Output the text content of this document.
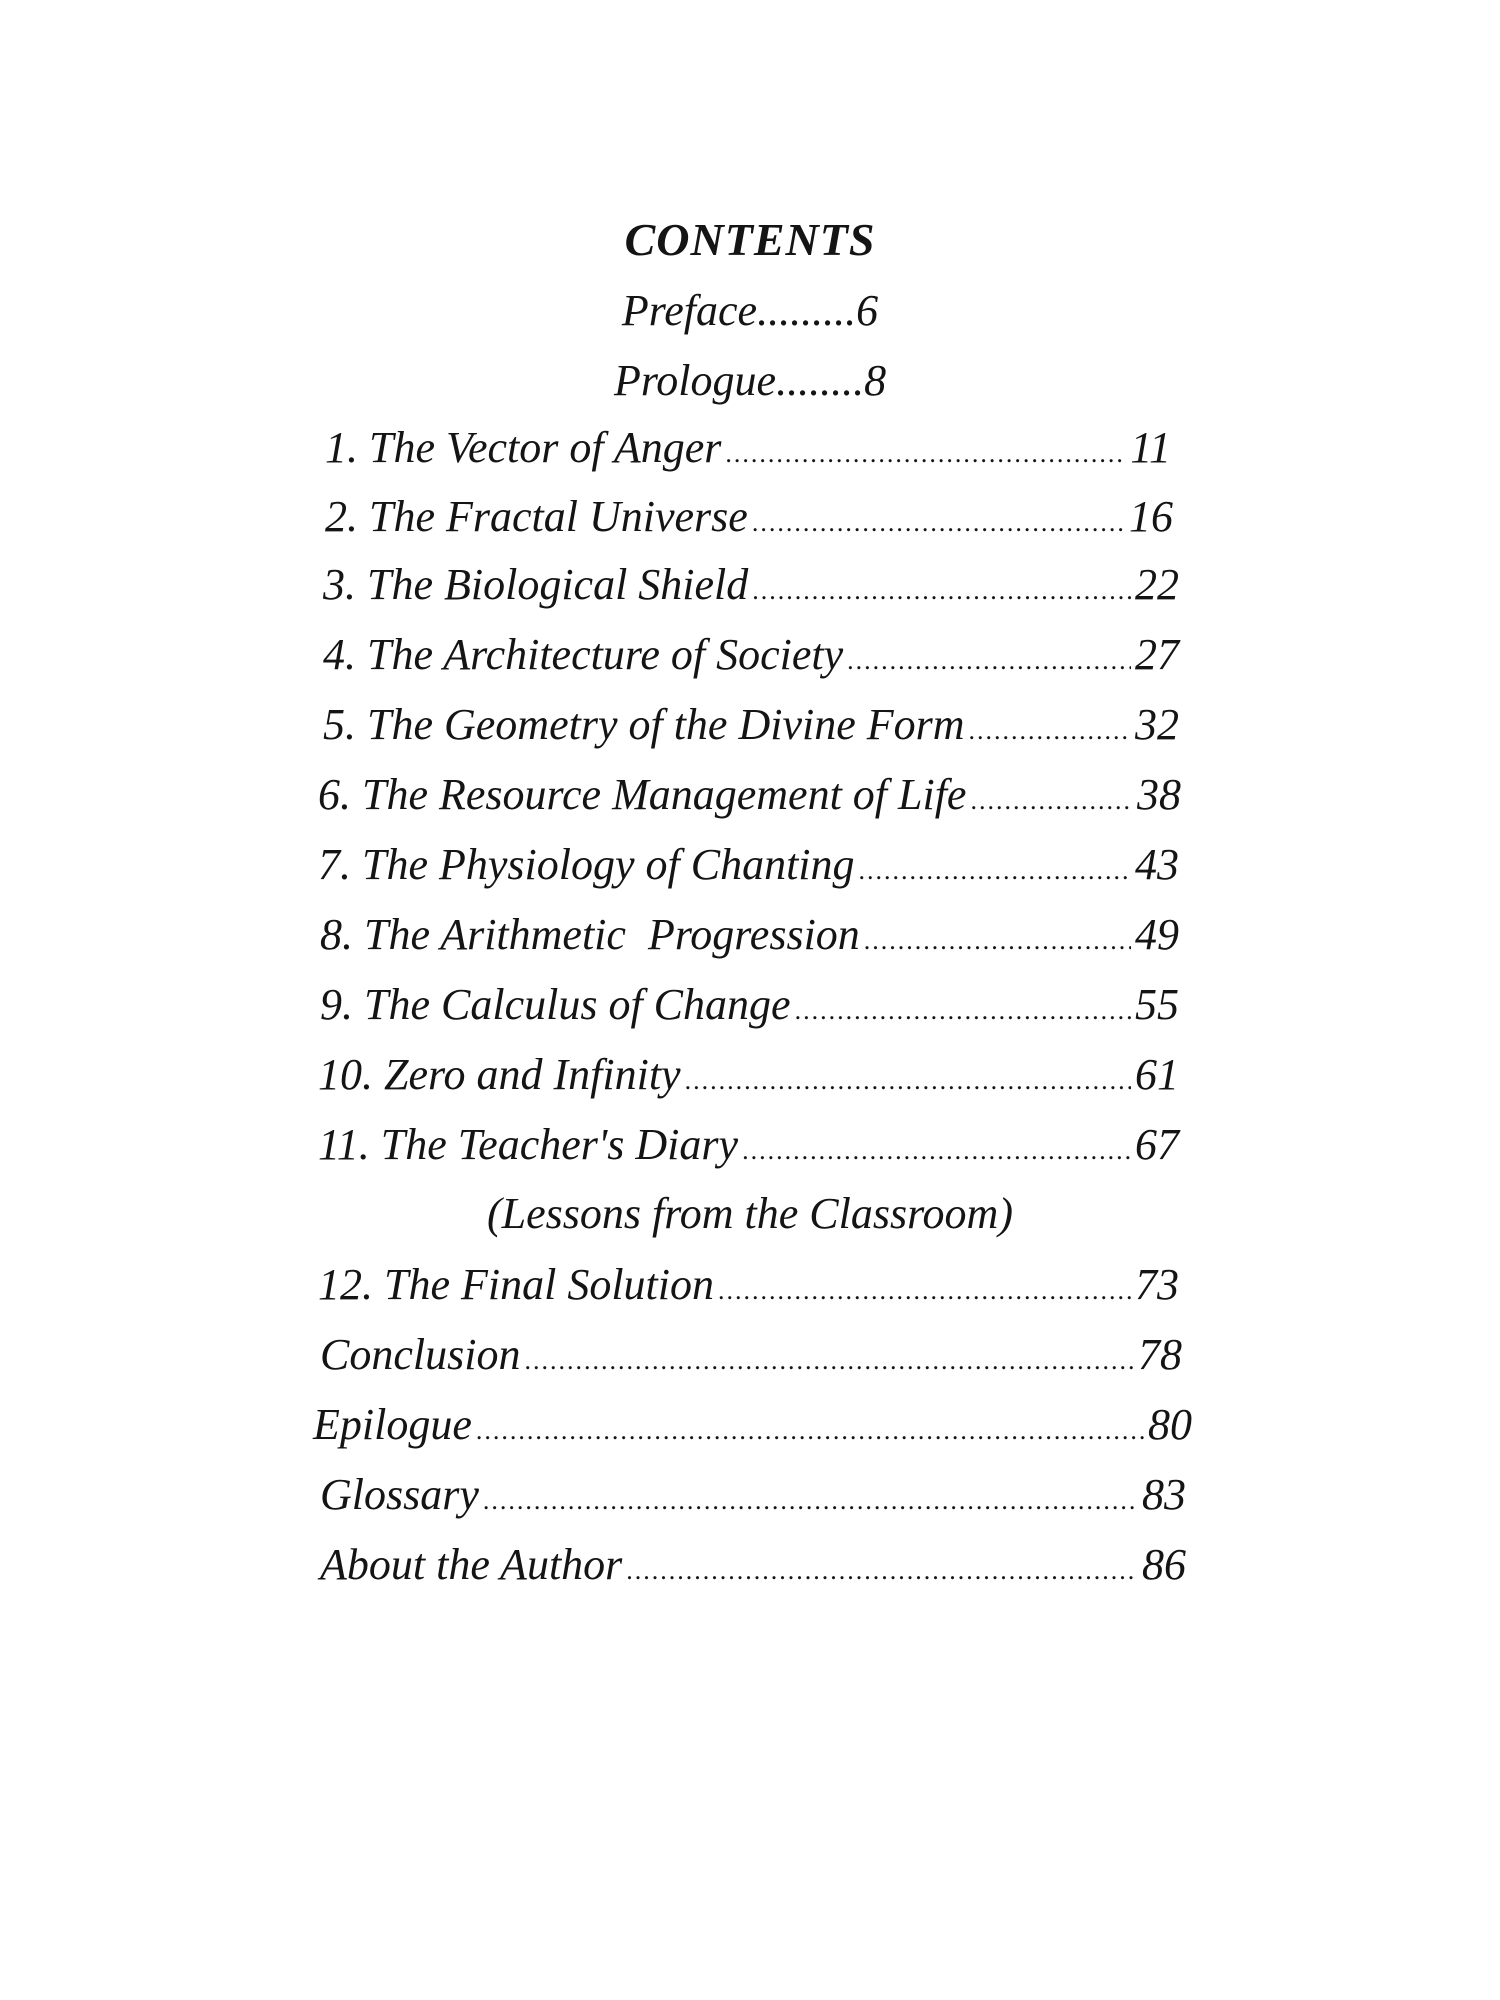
CONTENTS
Preface.........6
Prologue........8
1. The Vector of Anger .....	11
2. The Fractal Universe .....	16
3. The Biological Shield .....	22
4. The Architecture of Society .....	27
5. The Geometry of the Divine Form .....	32
6. The Resource Management of Life .....	38
7. The Physiology of Chanting .....	43
8. The Arithmetic  Progression .....	49
9. The Calculus of Change .....	55
10. Zero and Infinity .....	61
11. The Teacher's Diary .....	67
(Lessons from the Classroom)
12. The Final Solution .....	73
Conclusion .....	78
Epilogue .....	80
Glossary .....	83
About the Author .....	86
